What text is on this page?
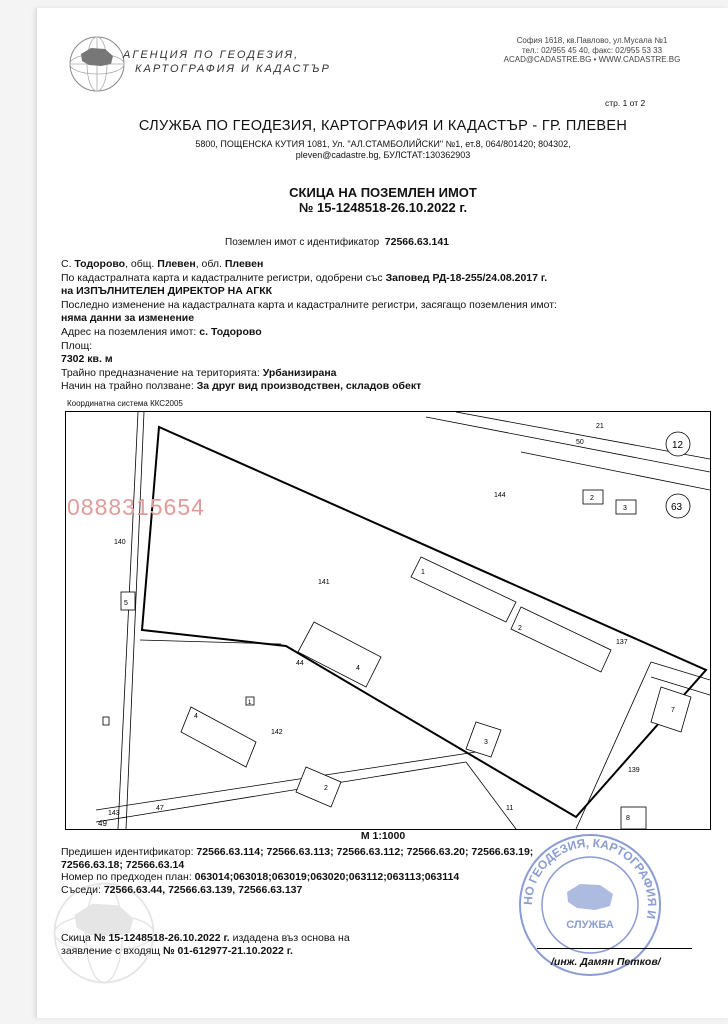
АГЕНЦИЯ ПО ГЕОДЕЗИЯ,
КАРТОГРАФИЯ И КАДАСТЪР
София 1618, кв.Павлово, ул.Мусала №1
тел.: 02/955 45 40, факс: 02/955 53 33
ACAD@CADASTRE.BG • WWW.CADASTRE.BG
стр. 1 от 2
СЛУЖБА ПО ГЕОДЕЗИЯ, КАРТОГРАФИЯ И КАДАСТЪР - ГР. ПЛЕВЕН
5800, ПОЩЕНСКА КУТИЯ 1081, Ул. "АЛ.СТАМБОЛИЙСКИ" №1, ет.8, 064/801420; 804302,
pleven@cadastre.bg, БУЛСТАТ:130362903
СКИЦА НА ПОЗЕМЛЕН ИМОТ
№ 15-1248518-26.10.2022 г.
Поземлен имот с идентификатор 72566.63.141
С. Тодорово, общ. Плевен, обл. Плевен
По кадастралната карта и кадастралните регистри, одобрени със Заповед РД-18-255/24.08.2017 г.
на ИЗПЪЛНИТЕЛЕН ДИРЕКТОР НА АГКК
Последно изменение на кадастралната карта и кадастралните регистри, засягащо поземления имот:
няма данни за изменение
Адрес на поземления имот: с. Тодорово
Площ:
7302 кв. м
Трайно предназначение на територията: Урбанизирана
Начин на трайно ползване: За друг вид производствен, складов обект
Координатна система ККС2005
21
50	12
63
144	2
3
140
141
1
5
2
137
44
4
7
1
4
142
3
139
2
143
47
49
11
8
0888315654
М 1:1000
Предишен идентификатор: 72566.63.114; 72566.63.113; 72566.63.112; 72566.63.20; 72566.63.19;
72566.63.18; 72566.63.14
Номер по предходен план: 063014;063018;063019;063020;063112;063113;063114
Съседи: 72566.63.44, 72566.63.139, 72566.63.137
Скица № 15-1248518-26.10.2022 г. издадена въз основа на
заявление с входящ № 01-612977-21.10.2022 г.
НО ГЕОДЕЗИЯ, КАРТОГРАФИЯ И
СЛУЖБА
/инж. Дамян Петков/
